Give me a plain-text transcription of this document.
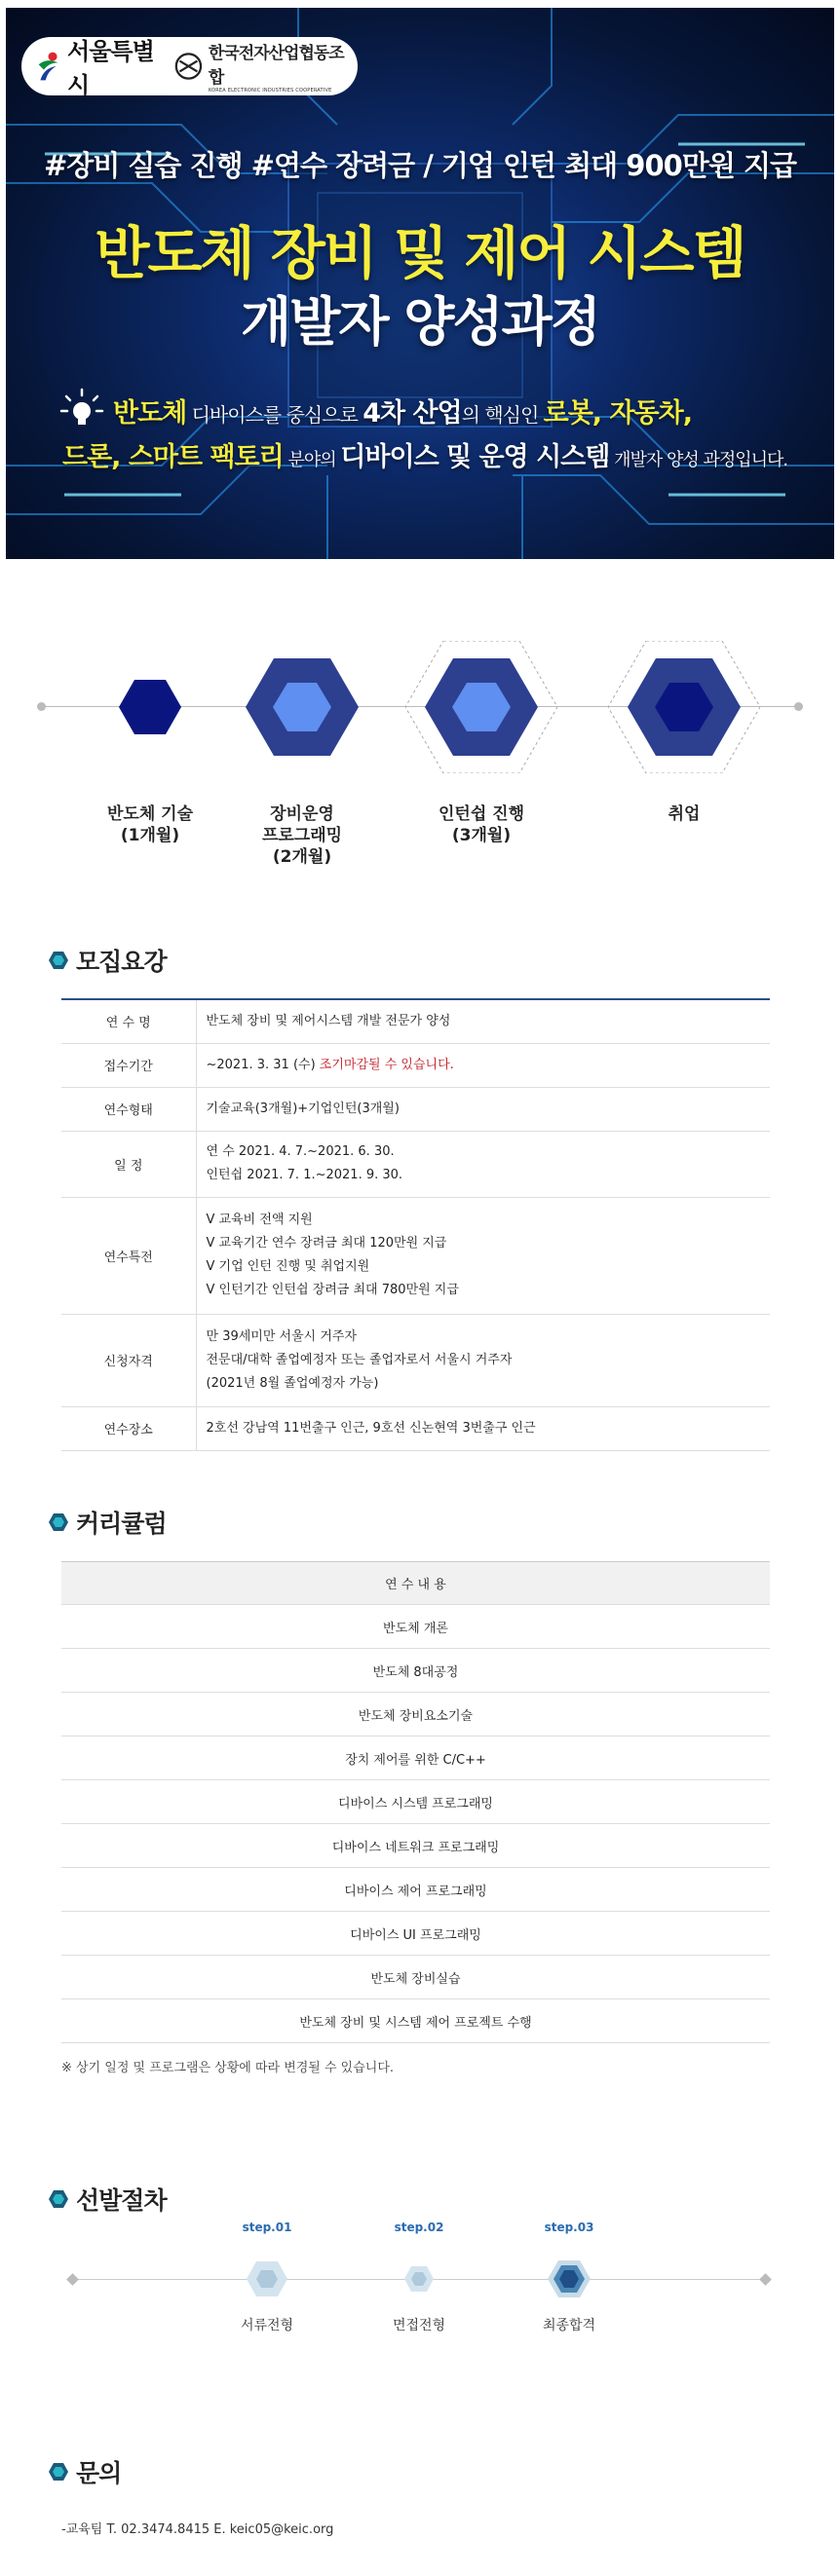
서울특별시
한국전자산업협동조합
KOREA ELECTRONIC INDUSTRIES COOPERATIVE
#장비 실습 진행 #연수 장려금 / 기업 인턴 최대 900만원 지급
반도체 장비 및 제어 시스템
개발자 양성과정
반도체 디바이스를 중심으로 4차 산업의 핵심인 로봇, 자동차,
드론, 스마트 팩토리 분야의 디바이스 및 운영 시스템 개발자 양성 과정입니다.
반도체 기술
(1개월)
장비운영
프로그래밍
(2개월)
인턴쉽 진행
(3개월)
취업
모집요강
연 수 명	반도체 장비 및 제어시스템 개발 전문가 양성
접수기간	~2021. 3. 31 (수) 조기마감될 수 있습니다.
연수형태	기술교육(3개월)+기업인턴(3개월)
일 정	연 수 2021. 4. 7.~2021. 6. 30.
인턴쉽 2021. 7. 1.~2021. 9. 30.

연수특전	V 교육비 전액 지원
V 교육기간 연수 장려금 최대 120만원 지급
V 기업 인턴 진행 및 취업지원
V 인턴기간 인턴쉽 장려금 최대 780만원 지급

신청자격	만 39세미만 서울시 거주자
전문대/대학 졸업예정자 또는 졸업자로서 서울시 거주자
(2021년 8월 졸업예정자 가능)

연수장소	2호선 강남역 11번출구 인근, 9호선 신논현역 3번출구 인근
커리큘럼
연 수 내 용
반도체 개론
반도체 8대공정
반도체 장비요소기술
장치 제어를 위한 C/C++
디바이스 시스템 프로그래밍
디바이스 네트워크 프로그래밍
디바이스 제어 프로그래밍
디바이스 UI 프로그래밍
반도체 장비실습
반도체 장비 및 시스템 제어 프로젝트 수행
※ 상기 일정 및 프로그램은 상황에 따라 변경될 수 있습니다.
선발절차
step.01
서류전형
step.02
면접전형
step.03
최종합격
문의
-교육팀 T. 02.3474.8415 E. keic05@keic.org
